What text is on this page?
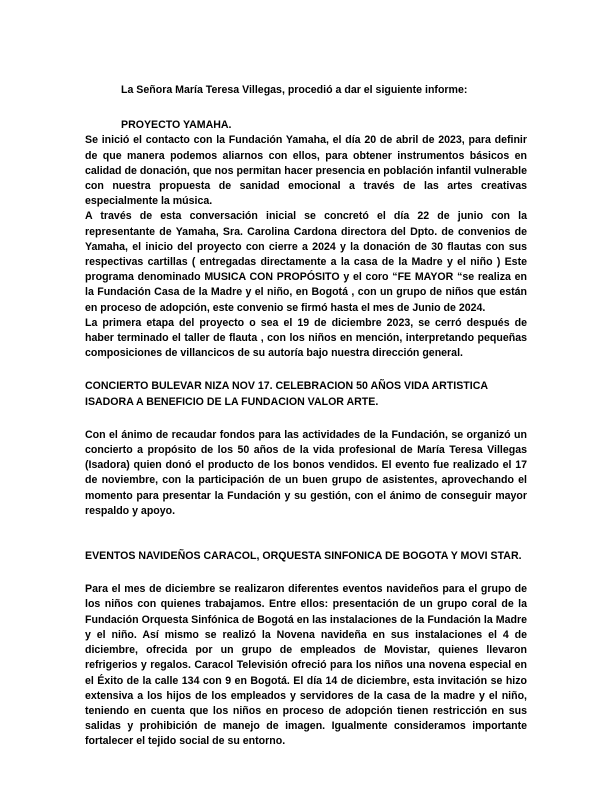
La Señora María Teresa Villegas, procedió a dar el siguiente informe:

PROYECTO YAMAHA.

Se inició el contacto con la Fundación Yamaha, el día 20 de abril de 2023, para definir de que manera podemos aliarnos con ellos, para obtener instrumentos básicos en calidad de donación, que nos permitan hacer presencia en población infantil vulnerable con nuestra propuesta de sanidad emocional a través de las artes creativas especialmente la música.

A través de esta conversación inicial se concretó el día 22 de junio con la representante de Yamaha, Sra. Carolina Cardona directora del Dpto. de convenios de Yamaha, el inicio del proyecto con cierre a 2024 y la donación de 30 flautas con sus respectivas cartillas ( entregadas directamente a la casa de la Madre y el niño ) Este programa denominado MUSICA CON PROPÓSITO y el coro “FE MAYOR “se realiza en la Fundación Casa de la Madre y el niño, en Bogotá , con un grupo de niños que están en proceso de adopción, este convenio se firmó hasta el mes de Junio de 2024.

La primera etapa del proyecto o sea el 19 de diciembre 2023, se cerró después de haber terminado el taller de flauta , con los niños en mención, interpretando pequeñas composiciones de villancicos de su autoría bajo nuestra dirección general.

CONCIERTO BULEVAR NIZA NOV 17. CELEBRACION 50 AÑOS VIDA ARTISTICA ISADORA A BENEFICIO DE LA FUNDACION VALOR ARTE.

Con el ánimo de recaudar fondos para las actividades de la Fundación, se organizó un concierto a propósito de los 50 años de la vida profesional de María Teresa Villegas (Isadora) quien donó el producto de los bonos vendidos. El evento fue realizado el 17 de noviembre, con la participación de un buen grupo de asistentes, aprovechando el momento para presentar la Fundación y su gestión, con el ánimo de conseguir mayor respaldo y apoyo.

EVENTOS NAVIDEÑOS CARACOL, ORQUESTA SINFONICA DE BOGOTA Y MOVI STAR.

Para el mes de diciembre se realizaron diferentes eventos navideños para el grupo de los niños con quienes trabajamos. Entre ellos: presentación de un grupo coral de la Fundación Orquesta Sinfónica de Bogotá en las instalaciones de la Fundación la Madre y el niño. Así mismo se realizó la Novena navideña en sus instalaciones el 4 de diciembre, ofrecida por un grupo de empleados de Movistar, quienes llevaron refrigerios y regalos. Caracol Televisión ofreció para los niños una novena especial en el Éxito de la calle 134 con 9 en Bogotá. El día 14 de diciembre, esta invitación se hizo extensiva a los hijos de los empleados y servidores de la casa de la madre y el niño, teniendo en cuenta que los niños en proceso de adopción tienen restricción en sus salidas y prohibición de manejo de imagen. Igualmente consideramos importante fortalecer el tejido social de su entorno.
